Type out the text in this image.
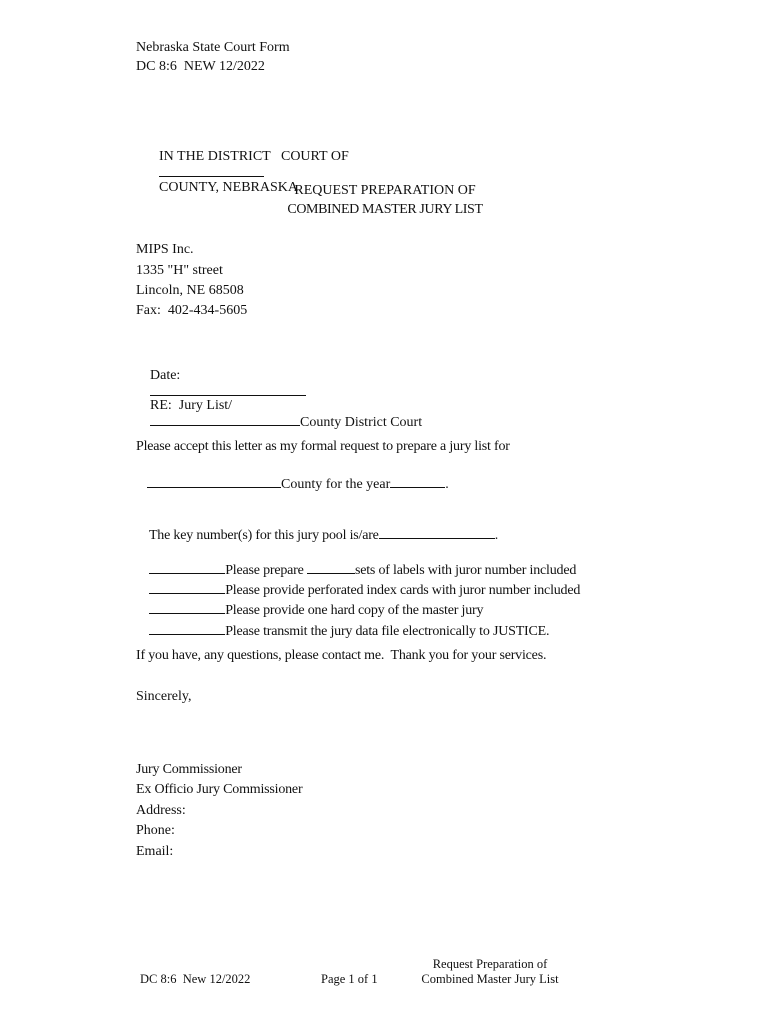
Nebraska State Court Form
DC 8:6  NEW 12/2022

IN THE DISTRICT   COURT OF

COUNTY, NEBRASKA

REQUEST PREPARATION OF
COMBINED MASTER JURY LIST
MIPS Inc.
1335 "H" street
Lincoln, NE 68508
Fax:  402-434-5605

Date:

RE:  Jury List/
County District Court

Please accept this letter as my formal request to prepare a jury list for

County for the year	.

The key number(s) for this jury pool is/are	.

Please prepare	sets of labels with juror number included

Please provide perforated index cards with juror number included

Please provide one hard copy of the master jury

Please transmit the jury data file electronically to JUSTICE.

If you have, any questions, please contact me.  Thank you for your services.
Sincerely,
Jury Commissioner
Ex Officio Jury Commissioner
Address:
Phone:
Email:
DC 8:6  New 12/2022	Page 1 of 1
Request Preparation of
Combined Master Jury List
